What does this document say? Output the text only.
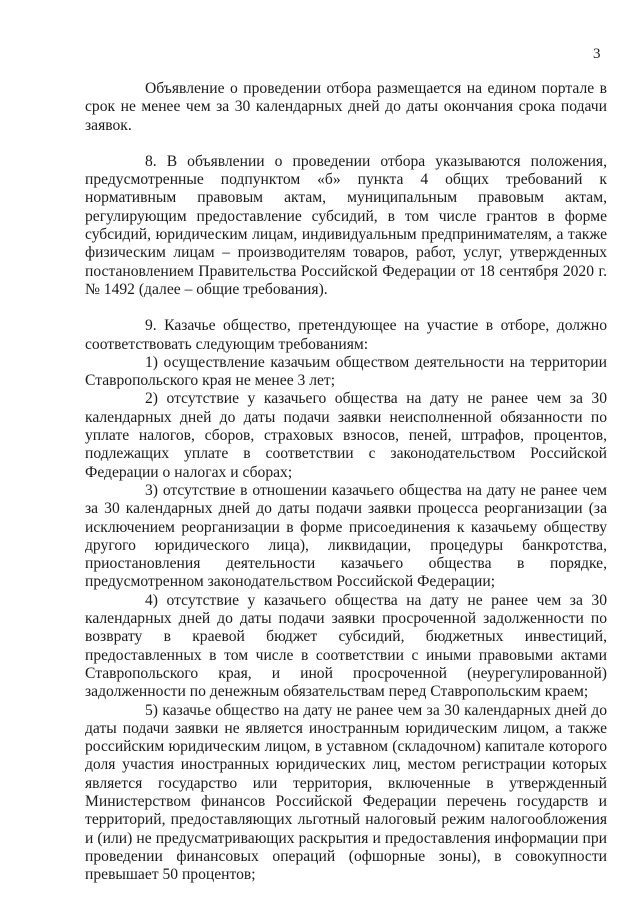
3

Объявление о проведении отбора размещается на едином портале в срок не менее чем за 30 календарных дней до даты окончания срока подачи заявок.

8. В объявлении о проведении отбора указываются положения, предусмотренные подпунктом «б» пункта 4 общих требований к нормативным правовым актам, муниципальным правовым актам, регулирующим предоставление субсидий, в том числе грантов в форме субсидий, юридическим лицам, индивидуальным предпринимателям, а также физическим лицам – производителям товаров, работ, услуг, утвержденных постановлением Правительства Российской Федерации от 18 сентября 2020 г. № 1492 (далее – общие требования).

9. Казачье общество, претендующее на участие в отборе, должно соответствовать следующим требованиям:

1) осуществление казачьим обществом деятельности на территории Ставропольского края не менее 3 лет;

2) отсутствие у казачьего общества на дату не ранее чем за 30 календарных дней до даты подачи заявки неисполненной обязанности по уплате налогов, сборов, страховых взносов, пеней, штрафов, процентов, подлежащих уплате в соответствии с законодательством Российской Федерации о налогах и сборах;

3) отсутствие в отношении казачьего общества на дату не ранее чем за 30 календарных дней до даты подачи заявки процесса реорганизации (за исключением реорганизации в форме присоединения к казачьему обществу другого юридического лица), ликвидации, процедуры банкротства, приостановления деятельности казачьего общества в порядке, предусмотренном законодательством Российской Федерации;

4) отсутствие у казачьего общества на дату не ранее чем за 30 календарных дней до даты подачи заявки просроченной задолженности по возврату в краевой бюджет субсидий, бюджетных инвестиций, предоставленных в том числе в соответствии с иными правовыми актами Ставропольского края, и иной просроченной (неурегулированной) задолженности по денежным обязательствам перед Ставропольским краем;

5) казачье общество на дату не ранее чем за 30 календарных дней до даты подачи заявки не является иностранным юридическим лицом, а также российским юридическим лицом, в уставном (складочном) капитале которого доля участия иностранных юридических лиц, местом регистрации которых является государство или территория, включенные в утвержденный Министерством финансов Российской Федерации перечень государств и территорий, предоставляющих льготный налоговый режим налогообложения и (или) не предусматривающих раскрытия и предоставления информации при проведении финансовых операций (офшорные зоны), в совокупности превышает 50 процентов;
